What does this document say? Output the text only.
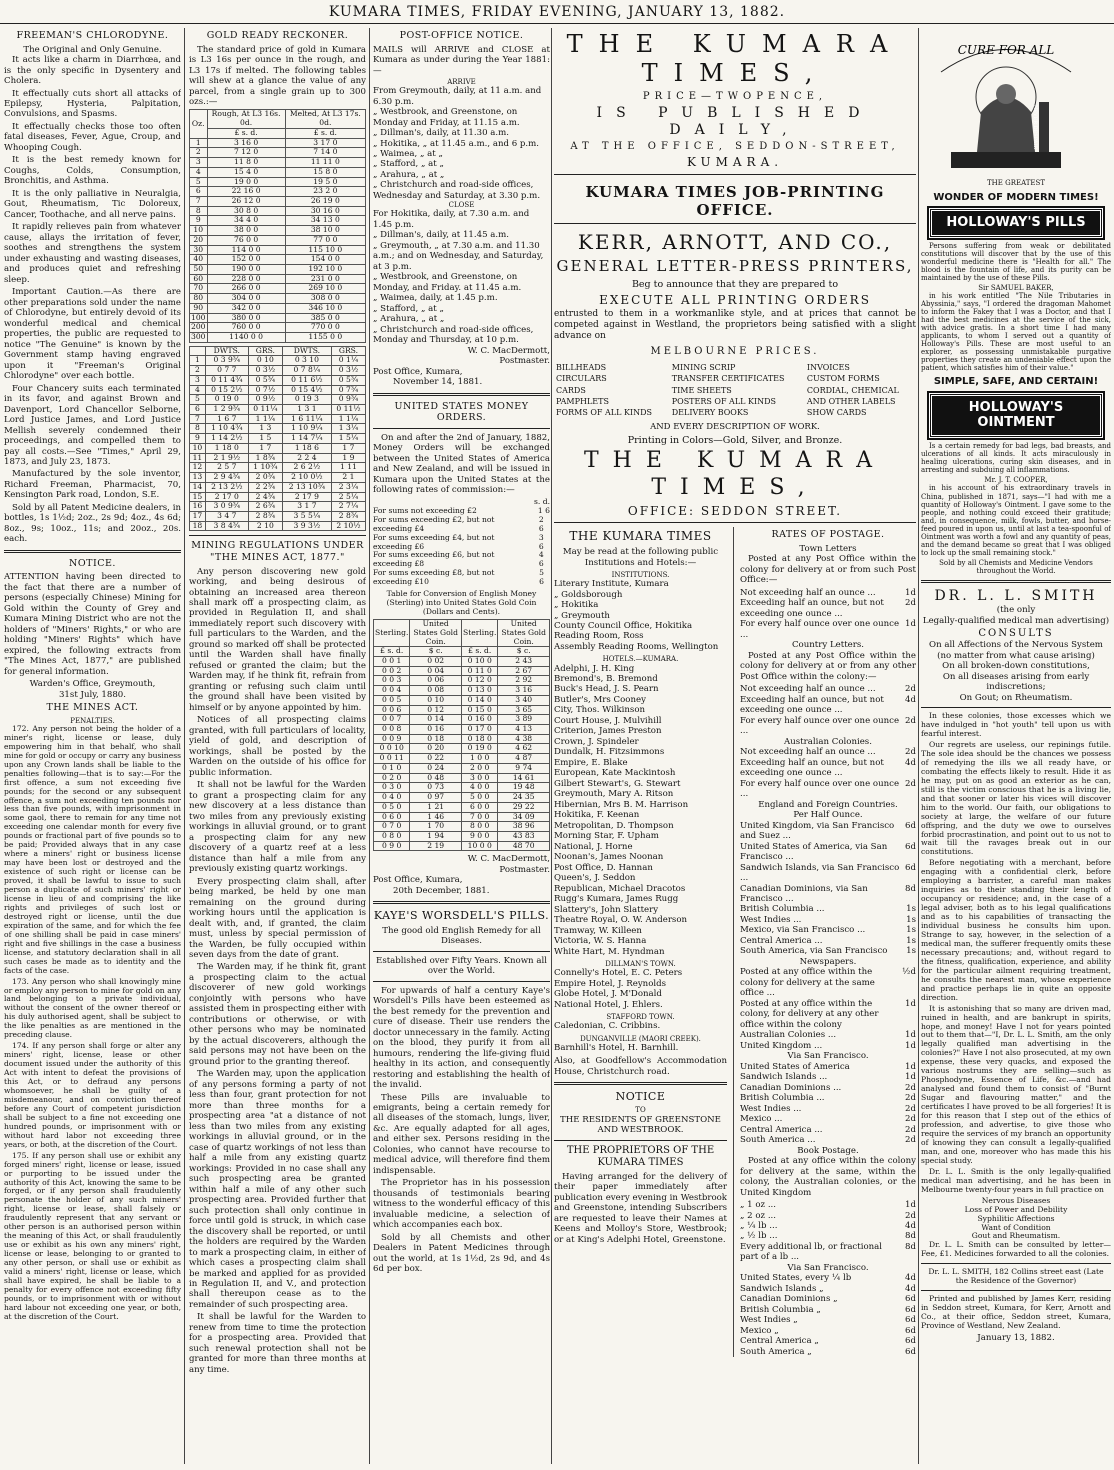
KUMARA TIMES, FRIDAY EVENING, JANUARY 13, 1882.
FREEMAN'S CHLORODYNE.
The Original and Only Genuine.

It acts like a charm in Diarrhœa, and is the only specific in Dysentery and Cholera.

It effectually cuts short all attacks of Epilepsy, Hysteria, Palpitation, Convulsions, and Spasms.

It effectually checks those too often fatal diseases, Fever, Ague, Croup, and Whooping Cough.

It is the best remedy known for Coughs, Colds, Consumption, Bronchitis, and Asthma.

It is the only palliative in Neuralgia, Gout, Rheumatism, Tic Doloreux, Cancer, Toothache, and all nerve pains.

It rapidly relieves pain from whatever cause, allays the irritation of fever, soothes and strengthens the system under exhausting and wasting diseases, and produces quiet and refreshing sleep.

Important Caution.—As there are other preparations sold under the name of Chlorodyne, but entirely devoid of its wonderful medical and chemical properties, the public are requested to notice "The Genuine" is known by the Government stamp having engraved upon it "Freeman's Original Chlorodyne" over each bottle.

Four Chancery suits each terminated in its favor, and against Brown and Davenport, Lord Chancellor Selborne, Lord Justice James, and Lord Justice Mellish severely condemned their proceedings, and compelled them to pay all costs.—See "Times," April 29, 1873, and July 23, 1873.

Manufactured by the sole inventor, Richard Freeman, Pharmacist, 70, Kensington Park road, London, S.E.

Sold by all Patent Medicine dealers, in bottles, 1s 1½d; 2oz., 2s 9d; 4oz., 4s 6d; 8oz., 9s; 10oz., 11s; and 20oz., 20s. each.

NOTICE.

ATTENTION having been directed to the fact that there are a number of persons (especially Chinese) Mining for Gold within the County of Grey and Kumara Mining District who are not the holders of "Miners' Rights," or who are holding "Miners' Rights" which have expired, the following extracts from "The Mines Act, 1877," are published for general information.

Warden's Office, Greymouth,
31st July, 1880.
THE MINES ACT.
PENALTIES.

172. Any person not being the holder of a miner's right, license or lease, duly empowering him in that behalf, who shall mine for gold or occupy or carry any business upon any Crown lands shall be liable to the penalties following—that is to say:—For the first offence, a sum not exceeding five pounds; for the second or any subsequent offence, a sum not exceeding ten pounds nor less than five pounds, with imprisonment in some gaol, there to remain for any time not exceeding one calendar month for every five pounds or fractional part of five pounds so to be paid; Provided always that in any case where a miners' right or business license may have been lost or destroyed and the existence of such right or license can be proved, it shall be lawful to issue to such person a duplicate of such miners' right or license in lieu of and comprising the like rights and privileges of such lost or destroyed right or license, until the due expiration of the same, and for which the fee of one shilling shall be paid in case miners' right and five shillings in the case a business license, and statutory declaration shall in all such cases be made as to identity and the facts of the case.

173. Any person who shall knowingly mine or employ any person to mine for gold on any land belonging to a private individual, without the consent of the owner thereof or his duly authorised agent, shall be subject to the like penalties as are mentioned in the preceding clause.

174. If any person shall forge or alter any miners' right, license, lease or other document issued under the authority of this Act with intent to defeat the provisions of this Act, or to defraud any persons whomsoever, he shall be guilty of a misdemeanour, and on conviction thereof before any Court of competent jurisdiction shall be subject to a fine not exceeding one hundred pounds, or imprisonment with or without hard labor not exceeding three years, or both, at the discretion of the Court.

175. If any person shall use or exhibit any forged miners' right, license or lease, issued or purporting to be issued under the authority of this Act, knowing the same to be forged, or if any person shall fraudulently personate the holder of any such miners' right, license or lease, shall falsely or fraudulently represent that any servant or other person is an authorised person within the meaning of this Act, or shall fraudulently use or exhibit as his own any miners' right, license or lease, belonging to or granted to any other person, or shall use or exhibit as valid a miners' right, license or lease, which shall have expired, he shall be liable to a penalty for every offence not exceeding fifty pounds, or to imprisonment with or without hard labour not exceeding one year, or both, at the discretion of the Court.

GOLD READY RECKONER.

The standard price of gold in Kumara is L3 16s per ounce in the rough, and L3 17s if melted. The following tables will shew at a glance the value of any parcel, from a single grain up to 300 ozs.:—

Oz.	Rough, At L3 16s. 0d.	Melted, At L3 17s. 0d.
	£ s. d.	£ s. d.
1	3 16 0	3 17 0
2	7 12 0	7 14 0
3	11 8 0	11 11 0
4	15 4 0	15 8 0
5	19 0 0	19 5 0
6	22 16 0	23 2 0
7	26 12 0	26 19 0
8	30 8 0	30 16 0
9	34 4 0	34 13 0
10	38 0 0	38 10 0
20	76 0 0	77 0 0
30	114 0 0	115 10 0
40	152 0 0	154 0 0
50	190 0 0	192 10 0
60	228 0 0	231 0 0
70	266 0 0	269 10 0
80	304 0 0	308 0 0
90	342 0 0	346 10 0
100	380 0 0	385 0 0
200	760 0 0	770 0 0
300	1140 0 0	1155 0 0
	DWTS.	GRS.	DWTS.	GRS.
1	0 3 9¾	0 10	0 3 10	0 1¼
2	0 7 7	0 3½	0 7 8¼	0 3½
3	0 11 4¾	0 5¾	0 11 6½	0 5¾
4	0 15 2½	0 7½	0 15 4½	0 7¾
5	0 19 0	0 9½	0 19 3	0 9¾
6	1 2 9¾	0 11¼	1 3 1	0 11½
7	1 6 7	1 1¼	1 6 11¼	1 1¼
8	1 10 4¾	1 3	1 10 9¼	1 3¼
9	1 14 2½	1 5	1 14 7¼	1 5¼
10	1 18 0	1 7	1 18 6	1 7
11	2 1 9½	1 8¾	2 2 4	1 9
12	2 5 7	1 10¾	2 6 2½	1 11
13	2 9 4¾	2 0¾	2 10 0½	2 1
14	2 13 2½	2 2¾	2 13 10¾	2 3¼
15	2 17 0	2 4¾	2 17 9	2 5¼
16	3 0 9¾	2 6¾	3 1 7	2 7¼
17	3 4 7	2 8¾	3 5 5¼	2 8¾
18	3 8 4¾	2 10	3 9 3½	2 10½
MINING REGULATIONS UNDER "THE MINES ACT, 1877."

Any person discovering new gold working, and being desirous of obtaining an increased area thereon shall mark off a prospecting claim, as provided in Regulation II, and shall immediately report such discovery with full particulars to the Warden, and the ground so marked off shall be protected until the Warden shall have finally refused or granted the claim; but the Warden may, if he think fit, refrain from granting or refusing such claim until the ground shall have been visited by himself or by anyone appointed by him.

Notices of all prospecting claims granted, with full particulars of locality, yield of gold, and description of workings, shall be posted by the Warden on the outside of his office for public information.

It shall not be lawful for the Warden to grant a prospecting claim for any new discovery at a less distance than two miles from any previously existing workings in alluvial ground, or to grant a prospecting claim for any new discovery of a quartz reef at a less distance than half a mile from any previously existing quartz workings.

Every prospecting claim shall, after being marked, be held by one man remaining on the ground during working hours until the application is dealt with, and, if granted, the claim must, unless by special permission of the Warden, be fully occupied within seven days from the date of grant.

The Warden may, if he think fit, grant a prospecting claim to the actual discoverer of new gold workings conjointly with persons who have assisted them in prospecting either with contributions or otherwise, or with other persons who may be nominated by the actual discoverers, although the said persons may not have been on the ground prior to the granting thereof.

The Warden may, upon the application of any persons forming a party of not less than four, grant protection for not more than three months for a prospecting area "at a distance of not less than two miles from any existing workings in alluvial ground, or in the case of quartz workings of not less than half a mile from any existing quartz workings: Provided in no case shall any such prospecting area be granted within half a mile of any other such prospecting area. Provided further that such protection shall only continue in force until gold is struck, in which case the discovery shall be reported, or until the holders are required by the Warden to mark a prospecting claim, in either of which cases a prospecting claim shall be marked and applied for as provided in Regulation II, and V., and protection shall thereupon cease as to the remainder of such prospecting area.

It shall be lawful for the Warden to renew from time to time the protection for a prospecting area. Provided that such renewal protection shall not be granted for more than three months at any time.

POST-OFFICE NOTICE.

MAILS will ARRIVE and CLOSE at Kumara as under during the Year 1881:—

ARRIVE
From Greymouth, daily, at 11 a.m. and 6.30 p.m.
„ Westbrook, and Greenstone, on Monday and Friday, at 11.15 a.m.
„ Dillman's, daily, at 11.30 a.m.
„ Hokitika, „ at 11.45 a.m., and 6 p.m.
„ Waimea, „ at „
„ Stafford, „ at „
„ Arahura, „ at „
„ Christchurch and road-side offices, Wednesday and Saturday, at 3.30 p.m.
CLOSE
For Hokitika, daily, at 7.30 a.m. and 1.45 p.m.
„ Dillman's, daily, at 11.45 a.m.
„ Greymouth, „ at 7.30 a.m. and 11.30 a.m.; and on Wednesday, and Saturday, at 3 p.m.
„ Westbrook, and Greenstone, on Monday, and Friday. at 11.45 a.m.
„ Waimea, daily, at 1.45 p.m.
„ Stafford, „ at „
„ Arahura, „ at „
„ Christchurch and road-side offices, Monday and Thursday, at 10 p.m.
W. C. MacDermott,
Postmaster.
Post Office, Kumara,
November 14, 1881.
UNITED STATES MONEY ORDERS.

On and after the 2nd of January, 1882, Money Orders will be exchanged between the United States of America and New Zealand, and will be issued in Kumara upon the United States at the following rates of commission:—

s. d.
For sums not exceeding £2	1 6
For sums exceeding £2, but not exceeding £4
2 6
For sums exceeding £4, but not exceeding £6
3 6
For sums exceeding £6, but not exceeding £8
4 6
For sums exceeding £8, but not exceeding £10
5 6

Table for Conversion of English Money (Sterling) into United States Gold Coin (Dollars and Cents).

Sterling.	United States Gold Coin.	Sterling.	United States Gold Coin.
£ s. d.	$ c.	£ s. d.	$ c.
0 0 1	0 02	0 10 0	2 43
0 0 2	0 04	0 11 0	2 67
0 0 3	0 06	0 12 0	2 92
0 0 4	0 08	0 13 0	3 16
0 0 5	0 10	0 14 0	3 40
0 0 6	0 12	0 15 0	3 65
0 0 7	0 14	0 16 0	3 89
0 0 8	0 16	0 17 0	4 13
0 0 9	0 18	0 18 0	4 38
0 0 10	0 20	0 19 0	4 62
0 0 11	0 22	1 0 0	4 87
0 1 0	0 24	2 0 0	9 74
0 2 0	0 48	3 0 0	14 61
0 3 0	0 73	4 0 0	19 48
0 4 0	0 97	5 0 0	24 35
0 5 0	1 21	6 0 0	29 22
0 6 0	1 46	7 0 0	34 09
0 7 0	1 70	8 0 0	38 96
0 8 0	1 94	9 0 0	43 83
0 9 0	2 19	10 0 0	48 70
W. C. MacDermott,
Postmaster.
Post Office, Kumara,
20th December, 1881.
KAYE'S WORSDELL'S PILLS.
The good old English Remedy for all Diseases.
Established over Fifty Years. Known all over the World.

For upwards of half a century Kaye's Worsdell's Pills have been esteemed as the best remedy for the prevention and cure of disease. Their use renders the doctor unnecessary in the family. Acting on the blood, they purify it from all humours, rendering the life-giving fluid healthy in its action, and consequently restoring and establishing the health of the invalid.

These Pills are invaluable to emigrants, being a certain remedy for all diseases of the stomach, lungs, liver, &c. Are equally adapted for all ages, and either sex. Persons residing in the Colonies, who cannot have recourse to medical advice, will therefore find them indispensable.

The Proprietor has in his possession thousands of testimonials bearing witness to the wonderful efficacy of this invaluable medicine, a selection of which accompanies each box.

Sold by all Chemists and other Dealers in Patent Medicines through out the world, at 1s 1½d, 2s 9d, and 4s 6d per box.

THE KUMARA TIMES,
PRICE—TWOPENCE,
IS PUBLISHED DAILY,
AT THE OFFICE, SEDDON-STREET,
KUMARA.
KUMARA TIMES JOB-PRINTING OFFICE.
KERR, ARNOTT, AND CO.,
GENERAL LETTER-PRESS PRINTERS,
Beg to announce that they are prepared to
EXECUTE ALL PRINTING ORDERS

entrusted to them in a workmanlike style, and at prices that cannot be competed against in Westland, the proprietors being satisfied with a slight advance on

MELBOURNE PRICES.
BILLHEADS	MINING SCRIP	INVOICES
CIRCULARS	TRANSFER CERTIFICATES	CUSTOM FORMS
CARDS	TIME SHEETS	CORDIAL, CHEMICAL
PAMPHLETS	POSTERS OF ALL KINDS	AND OTHER LABELS
FORMS OF ALL KINDS	DELIVERY BOOKS	SHOW CARDS
AND EVERY DESCRIPTION OF WORK.
Printing in Colors—Gold, Silver, and Bronze.
THE KUMARA TIMES,
OFFICE: SEDDON STREET.
THE KUMARA TIMES
May be read at the following public Institutions and Hotels:—
INSTITUTIONS.
Literary Institute, Kumara
„ Goldsborough
„ Hokitika
„ Greymouth
County Council Office, Hokitika
Reading Room, Ross
Assembly Reading Rooms, Wellington
HOTELS.—KUMARA.
Adelphi, J. H. King
Bremond's, B. Bremond
Buck's Head, J. S. Pearn
Butler's, Mrs Cooney
City, Thos. Wilkinson
Court House, J. Mulvihill
Criterion, James Preston
Crown, J. Spindeler
Dundalk, H. Fitzsimmons
Empire, E. Blake
European, Kate Mackintosh
Gilbert Stewart's, G. Stewart
Greymouth, Mary A. Ritson
Hibernian, Mrs B. M. Harrison
Hokitika, F. Keenan
Metropolitan, D. Thompson
Morning Star, F. Upham
National, J. Horne
Noonan's, James Noonan
Post Office, D. Hannan
Queen's, J. Seddon
Republican, Michael Dracotos
Rugg's Kumara, James Rugg
Slattery's, John Slattery
Theatre Royal, O. W. Anderson
Tramway, W. Killeen
Victoria, W. S. Hanna
White Hart, M. Hyndman
DILLMAN'S TOWN.
Connelly's Hotel, E. C. Peters
Empire Hotel, J. Reynolds
Globe Hotel, J. M'Donald
National Hotel, J. Ehlers.
STAFFORD TOWN.
Caledonian, C. Cribbins.
DUNGANVILLE (MAORI CREEK).
Barnhill's Hotel, H. Barnhill.

Also, at Goodfellow's Accommodation House, Christchurch road.

NOTICE
TO
THE RESIDENTS OF GREENSTONE AND WESTBROOK.
THE PROPRIETORS OF THE KUMARA TIMES

Having arranged for the delivery of their paper immediately after publication every evening in Westbrook and Greenstone, intending Subscribers are requested to leave their Names at Keens and Molloy's Store, Westbrook; or at King's Adelphi Hotel, Greenstone.

RATES OF POSTAGE.
Town Letters

Posted at any Post Office within the colony for delivery at or from such Post Office:—

Not exceeding half an ounce ...	1d
Exceeding half an ounce, but not exceeding one ounce ...
2d
For every half ounce over one ounce ...
1d
Country Letters.

Posted at any Post Office within the colony for delivery at or from any other Post Office within the colony:—

Not exceeding half an ounce ...	2d
Exceeding half an ounce, but not exceeding one ounce ...
4d
For every half ounce over one ounce ...
2d
Australian Colonies.
Not exceeding half an ounce ...	2d
Exceeding half an ounce, but not exceeding one ounce ...
4d
For every half ounce over one ounce ...
2d
England and Foreign Countries.
Per Half Ounce.
United Kingdom, via San Francisco and Suez ...
6d
United States of America, via San Francisco ...
6d
Sandwich Islands, via San Francisco ...
6d
Canadian Dominions, via San Francisco ...
8d
British Columbia ...	1s
West Indies ...	1s
Mexico, via San Francisco ...	1s
Central America ...	1s
South America, via San Francisco	1s
Newspapers.
Posted at any office within the colony for delivery at the same office ...
½d
Posted at any office within the colony, for delivery at any other office within the colony
1d
Australian Colonies ...	1d
United Kingdom ...	1d
Via San Francisco.
United States of America	1d
Sandwich Islands ...	1d
Canadian Dominions ...	2d
British Columbia ...	2d
West Indies ...	2d
Mexico ...	2d
Central America ...	2d
South America ...	2d
Book Postage.

Posted at any office within the colony for delivery at the same, within the colony, the Australian colonies, or the United Kingdom

„ 1 oz ...	1d
„ 2 oz ...	2d
„ ¼ lb ...	4d
„ ½ lb ...	8d
Every additional lb, or fractional part of a lb ...
8d
Via San Francisco.
United States, every ¼ lb	4d
Sandwich Islands „	4d
Canadian Dominions „	6d
British Columbia „	6d
West Indies „	6d
Mexico „	6d
Central America „	6d
South America „	6d
CURE FOR ALL
NEVER DESPAIR
THE GREATEST
WONDER OF MODERN TIMES!
HOLLOWAY'S PILLS

Persons suffering from weak or debilitated constitutions will discover that by the use of this wonderful medicine there is "Health for all." The blood is the fountain of life, and its purity can be maintained by the use of these Pills.

Sir SAMUEL BAKER,

in his work entitled "The Nile Tributaries in Abyssinia," says, "I ordered the dragoman Mahomet to inform the Fakey that I was a Doctor, and that I had the best medicines at the service of the sick, with advice gratis. In a short time I had many applicants, to whom I served out a quantity of Holloway's Pills. These are most useful to an explorer, as possessing unmistakable purgative properties they create an undeniable effect upon the patient, which satisfies him of their value."

SIMPLE, SAFE, AND CERTAIN!
HOLLOWAY'S OINTMENT

Is a certain remedy for bad legs, bad breasts, and ulcerations of all kinds. It acts miraculously in healing ulcerations, curing skin diseases, and in arresting and subduing all inflammations.

Mr. J. T. COOPER,

in his account of his extraordinary travels in China, published in 1871, says—"I had with me a quantity of Holloway's Ointment. I gave some to the people, and nothing could exceed their gratitude; and, in consequence, milk, fowls, butter, and horse-feed poured in upon us, until at last a tea-spoonful of Ointment was worth a fowl and any quantity of peas, and the demand became so great that I was obliged to lock up the small remaining stock."

Sold by all Chemists and Medicine Vendors throughout the World.
DR. L. L. SMITH
(the only
Legally-qualified medical man advertising)
CONSULTS
On all Affections of the Nervous System (no matter from what cause arising)
On all broken-down constitutions,
On all diseases arising from early indiscretions;
On Gout; on Rheumatism.

In these colonies, those excesses which we have indulged in "hot youth" tell upon us with fearful interest.

Our regrets are useless, our repinings futile. The sole idea should be the chances we possess of remedying the ills we all ready have, or combating the effects likely to result. Hide it as he may, put on as good an exterior as he can, still is the victim conscious that he is a living lie, and that sooner or later his vices will discover him to the world. Our faith, our obligations to society at large, the welfare of our future offspring, and the duty we owe to ourselves forbid procrastination, and point out to us not to wait till the ravages break out in our constitutions.

Before negotiating with a merchant, before engaging with a confidential clerk, before employing a barrister, a careful man makes inquiries as to their standing their length of occupancy or residence; and, in the case of a legal adviser, both as to his legal qualifications and as to his capabilities of transacting the individual business he consults him upon. Strange to say, however, in the selection of a medical man, the sufferer frequently omits these necessary precautions; and, without regard to the fitness, qualification, experience, and ability for the particular ailment requiring treatment, he consults the nearest man, whose experience and practice perhaps lie in quite an opposite direction.

It is astonishing that so many are driven mad, ruined in health, and are bankrupt in spirits, hope, and money! Have I not for years pointed out to them that—"I, Dr. L. L. Smith, am the only legally qualified man advertising in the colonies?" Have I not also prosecuted, at my own expense, these very quacks, and exposed the various nostrums they are selling—such as Phosphodyne, Essence of Life, &c.—and had analysed and found them to consist of "Burnt Sugar and flavouring matter," and the certificates I have proved to be all forgeries! It is for this reason that I step out of the ethics of profession, and advertise, to give those who require the services of my branch an opportunity of knowing they can consult a legally-qualified man, and one, moreover who has made this his special study.

Dr. L. L. Smith is the only legally-qualified medical man advertising, and he has been in Melbourne twenty-four years in full practice on

Nervous Diseases
Loss of Power and Debility
Syphilitic Affections
Want of Condition
Gout and Rheumatism.

Dr. L. L. Smith can be consulted by letter—Fee, £1. Medicines forwarded to all the colonies.

Dr. L. L. SMITH, 182 Collins street east (Late the Residence of the Governor)

Printed and published by James Kerr, residing in Seddon street, Kumara, for Kerr, Arnott and Co., at their office, Seddon street, Kumara, Province of Westland, New Zealand.

January 13, 1882.
